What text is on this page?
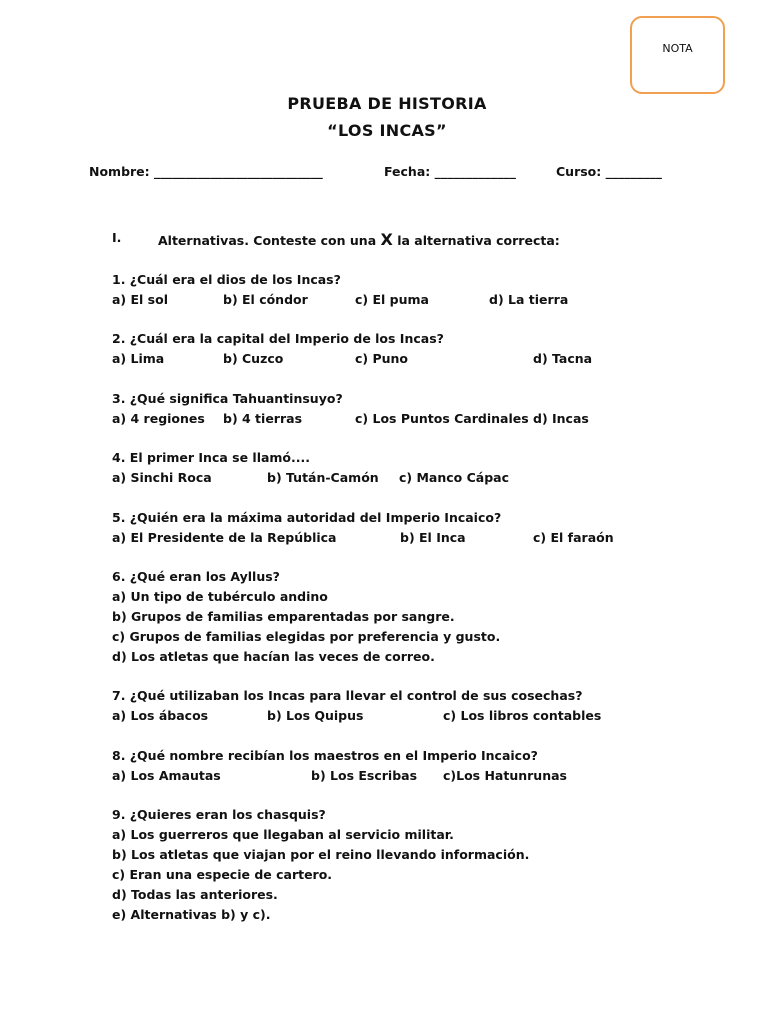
NOTA
PRUEBA DE HISTORIA
“LOS INCAS”
Nombre: ___________________________	Fecha: _____________	Curso: _________
I.	Alternativas. Conteste con una X la alternativa correcta:
1. ¿Cuál era el dios de los Incas?
a) El sol	b) El cóndor	c) El puma	d) La tierra
2. ¿Cuál era la capital del Imperio de los Incas?
a) Lima	b) Cuzco	c) Puno	d) Tacna
3. ¿Qué significa Tahuantinsuyo?
a) 4 regiones b) 4 tierras	c) Los Puntos Cardinales d) Incas
4. El primer Inca se llamó....
a) Sinchi Roca	b) Tután-Camón c) Manco Cápac
5. ¿Quién era la máxima autoridad del Imperio Incaico?
a) El Presidente de la República	b) El Inca	c) El faraón
6. ¿Qué eran los Ayllus?
a) Un tipo de tubérculo andino
b) Grupos de familias emparentadas por sangre.
c) Grupos de familias elegidas por preferencia y gusto.
d) Los atletas que hacían las veces de correo.
7. ¿Qué utilizaban los Incas para llevar el control de sus cosechas?
a) Los ábacos	b) Los Quipus	c) Los libros contables
8. ¿Qué nombre recibían los maestros en el Imperio Incaico?
a) Los Amautas	b) Los Escribas c)Los Hatunrunas
9. ¿Quieres eran los chasquis?
a) Los guerreros que llegaban al servicio militar.
b) Los atletas que viajan por el reino llevando información.
c) Eran una especie de cartero.
d) Todas las anteriores.
e) Alternativas b) y c).
